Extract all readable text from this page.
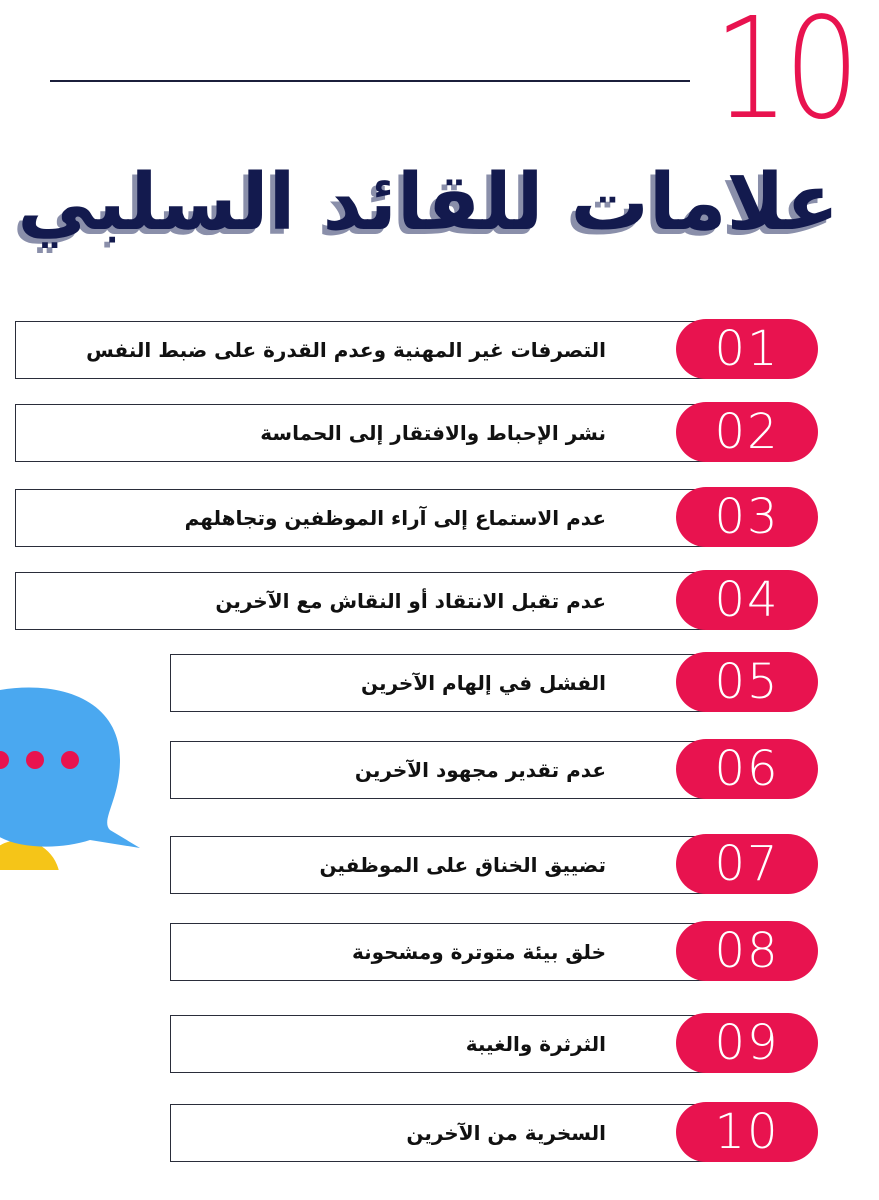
10
علامات للقائد السلبي
التصرفات غير المهنية وعدم القدرة على ضبط النفس 01
نشر الإحباط والافتقار إلى الحماسة 02
عدم الاستماع إلى آراء الموظفين وتجاهلهم 03
عدم تقبل الانتقاد أو النقاش مع الآخرين 04
الفشل في إلهام الآخرين 05
عدم تقدير مجهود الآخرين 06
تضييق الخناق على الموظفين 07
خلق بيئة متوترة ومشحونة 08
الثرثرة والغيبة 09
السخرية من الآخرين 10
